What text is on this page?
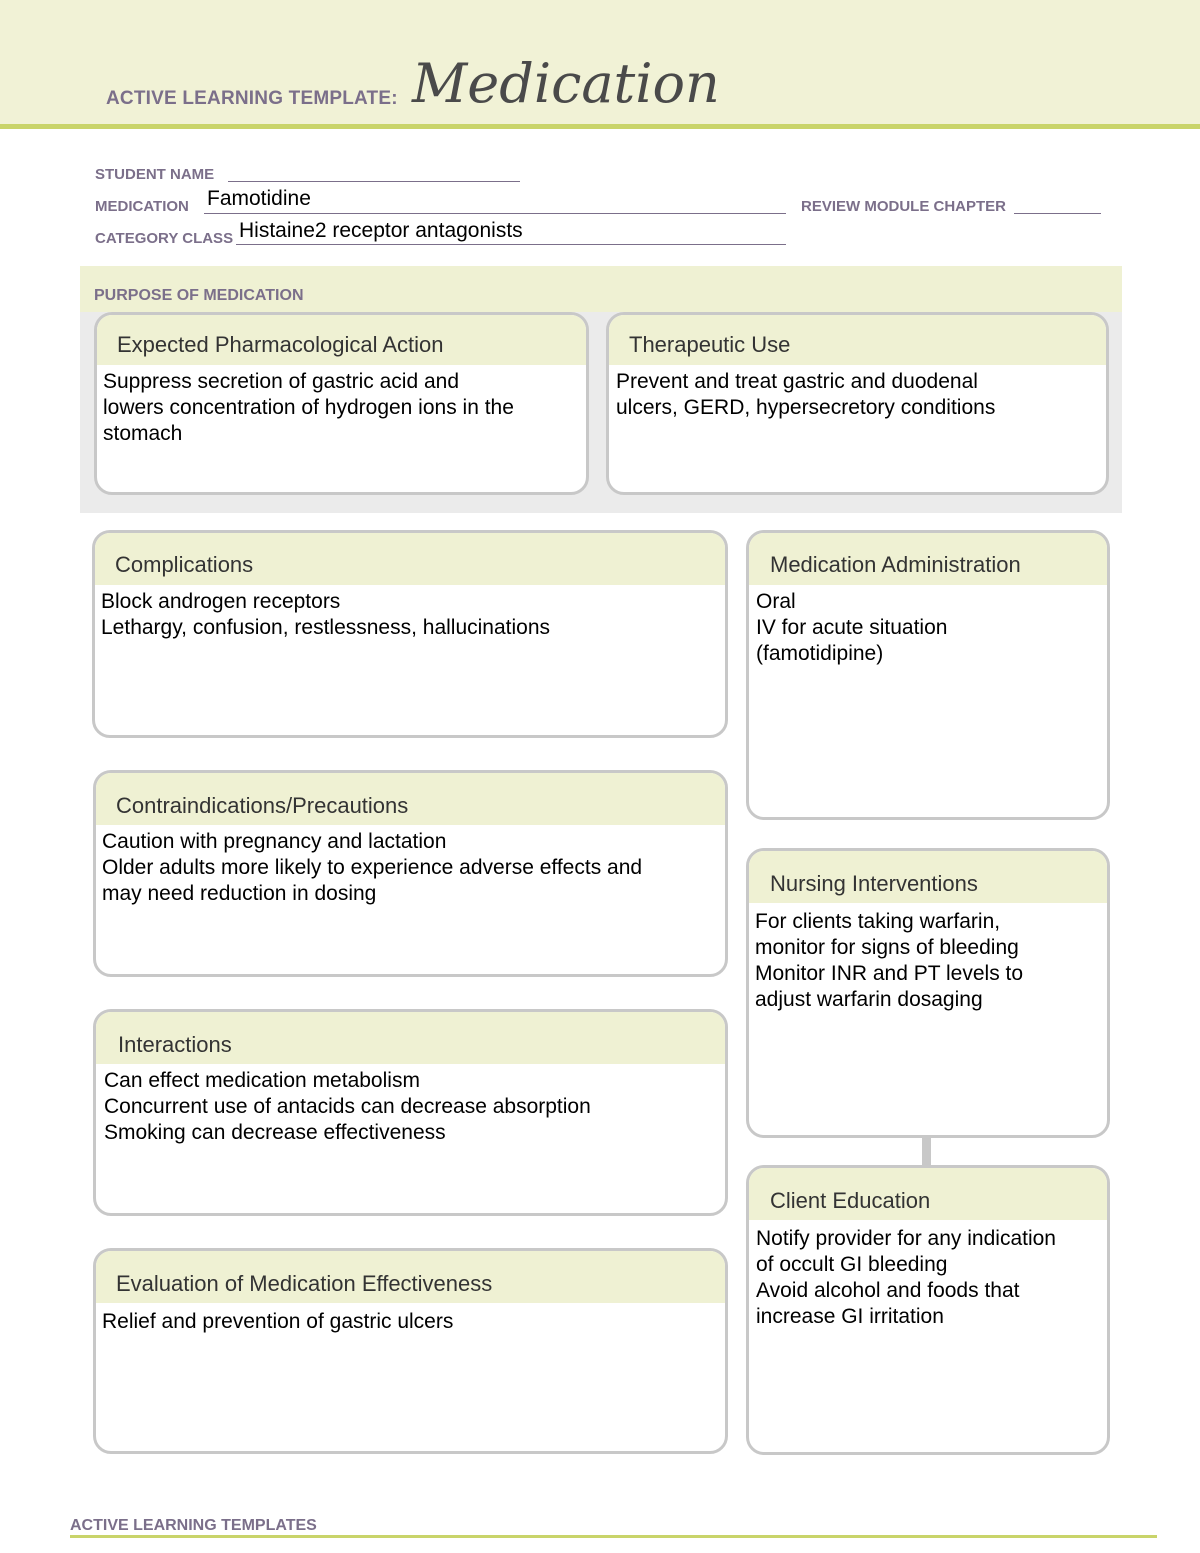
ACTIVE LEARNING TEMPLATE: Medication
STUDENT NAME
MEDICATION Famotidine	REVIEW MODULE CHAPTER
CATEGORY CLASS Histaine2 receptor antagonists
PURPOSE OF MEDICATION
Expected Pharmacological Action
Suppress secretion of gastric acid and
lowers concentration of hydrogen ions in the
stomach
Therapeutic Use
Prevent and treat gastric and duodenal
ulcers, GERD, hypersecretory conditions
Complications
Block androgen receptors
Lethargy, confusion, restlessness, hallucinations
Contraindications/Precautions
Caution with pregnancy and lactation
Older adults more likely to experience adverse effects and
may need reduction in dosing
Interactions
Can effect medication metabolism
Concurrent use of antacids can decrease absorption
Smoking can decrease effectiveness
Evaluation of Medication Effectiveness
Relief and prevention of gastric ulcers
Medication Administration
Oral
IV for acute situation
(famotidipine)
Nursing Interventions
For clients taking warfarin,
monitor for signs of bleeding
Monitor INR and PT levels to
adjust warfarin dosaging
Client Education
Notify provider for any indication
of occult GI bleeding
Avoid alcohol and foods that
increase GI irritation
ACTIVE LEARNING TEMPLATES
